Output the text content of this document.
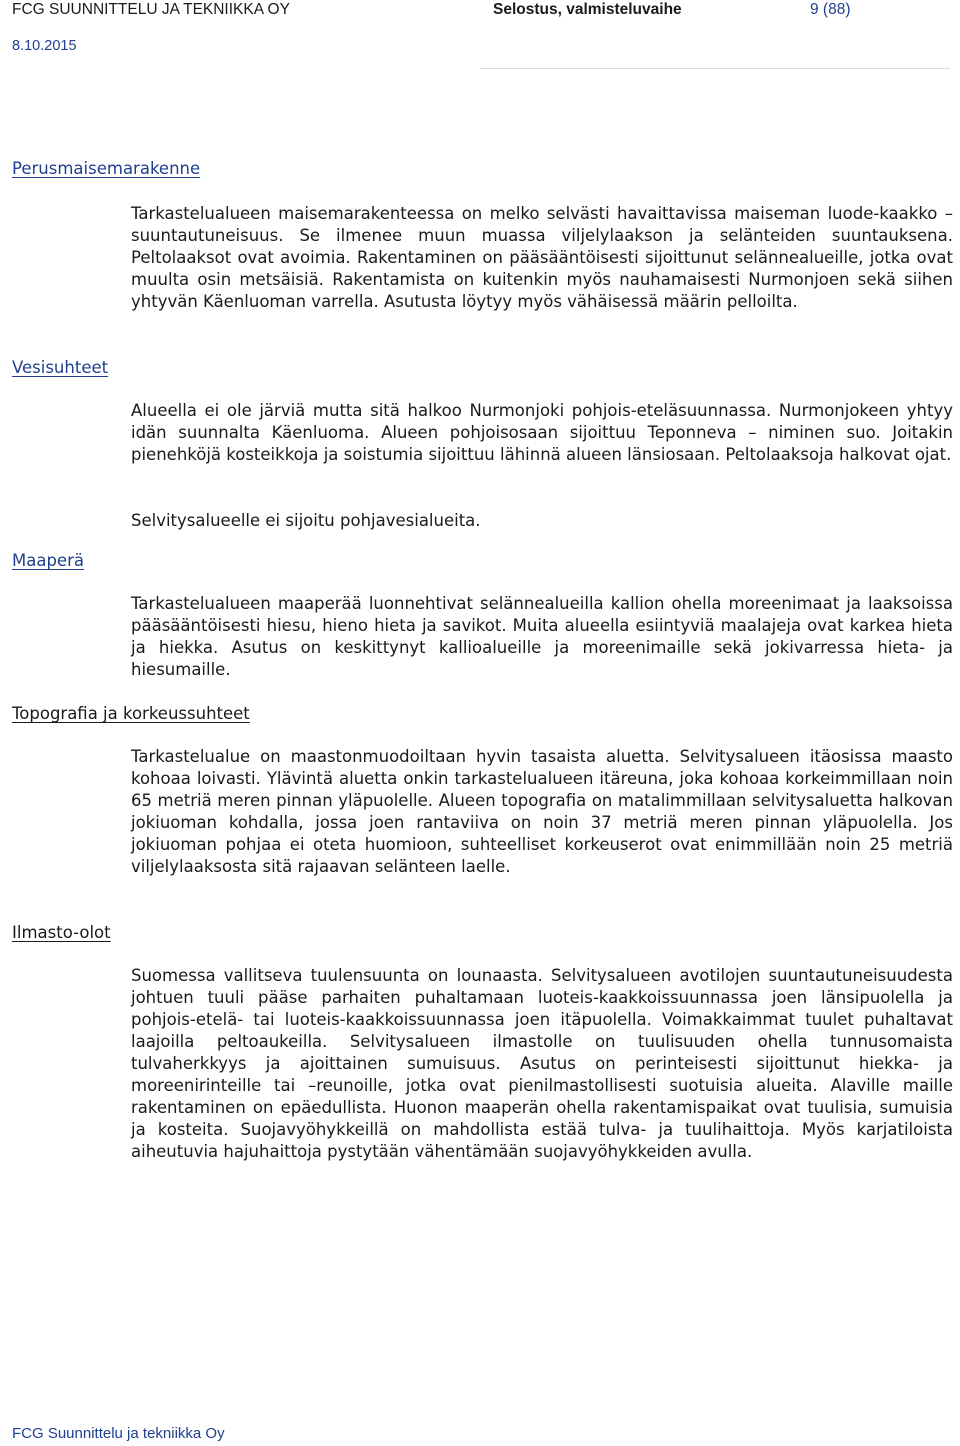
FCG SUUNNITTELU JA TEKNIIKKA OY	Selostus, valmisteluvaihe	9 (88)
8.10.2015
Perusmaisemarakenne

Tarkastelualueen maisemarakenteessa on melko selvästi havaittavissa maiseman luode-kaakko –suuntautuneisuus. Se ilmenee muun muassa viljelylaakson ja selänteiden suuntauksena. Peltolaaksot ovat avoimia. Rakentaminen on pääsääntöisesti sijoittunut selännealueille, jotka ovat muulta osin metsäisiä. Rakentamista on kuitenkin myös nauhamaisesti Nurmonjoen sekä siihen yhtyvän Käenluoman varrella. Asutusta löytyy myös vähäisessä määrin pelloilta.

Vesisuhteet

Alueella ei ole järviä mutta sitä halkoo Nurmonjoki pohjois-eteläsuunnassa. Nurmonjokeen yhtyy idän suunnalta Käenluoma. Alueen pohjoisosaan sijoittuu Teponneva – niminen suo. Joitakin pienehköjä kosteikkoja ja soistumia sijoittuu lähinnä alueen länsiosaan. Peltolaaksoja halkovat ojat.

Selvitysalueelle ei sijoitu pohjavesialueita.

Maaperä

Tarkastelualueen maaperää luonnehtivat selännealueilla kallion ohella moreenimaat ja laaksoissa pääsääntöisesti hiesu, hieno hieta ja savikot. Muita alueella esiintyviä maalajeja ovat karkea hieta ja hiekka. Asutus on keskittynyt kallioalueille ja moreenimaille sekä jokivarressa hieta- ja hiesumaille.

Topografia ja korkeussuhteet

Tarkastelualue on maastonmuodoiltaan hyvin tasaista aluetta. Selvitysalueen itäosissa maasto kohoaa loivasti. Ylävintä aluetta onkin tarkastelualueen itäreuna, joka kohoaa korkeimmillaan noin 65 metriä meren pinnan yläpuolelle. Alueen topografia on matalimmillaan selvitysaluetta halkovan jokiuoman kohdalla, jossa joen rantaviiva on noin 37 metriä meren pinnan yläpuolella. Jos jokiuoman pohjaa ei oteta huomioon, suhteelliset korkeuserot ovat enimmillään noin 25 metriä viljelylaaksosta sitä rajaavan selänteen laelle.

Ilmasto-olot

Suomessa vallitseva tuulensuunta on lounaasta. Selvitysalueen avotilojen suuntautuneisuudesta johtuen tuuli pääse parhaiten puhaltamaan luoteis-kaakkoissuunnassa joen länsipuolella ja pohjois-etelä- tai luoteis-kaakkoissuunnassa joen itäpuolella. Voimakkaimmat tuulet puhaltavat laajoilla peltoaukeilla. Selvitysalueen ilmastolle on tuulisuuden ohella tunnusomaista tulvaherkkyys ja ajoittainen sumuisuus. Asutus on perinteisesti sijoittunut hiekka- ja moreenirinteille tai –reunoille, jotka ovat pienilmastollisesti suotuisia alueita. Alaville maille rakentaminen on epäedullista. Huonon maaperän ohella rakentamispaikat ovat tuulisia, sumuisia ja kosteita. Suojavyöhykkeillä on mahdollista estää tulva- ja tuulihaittoja. Myös karjatiloista aiheutuvia hajuhaittoja pystytään vähentämään suojavyöhykkeiden avulla.

FCG Suunnittelu ja tekniikka Oy
